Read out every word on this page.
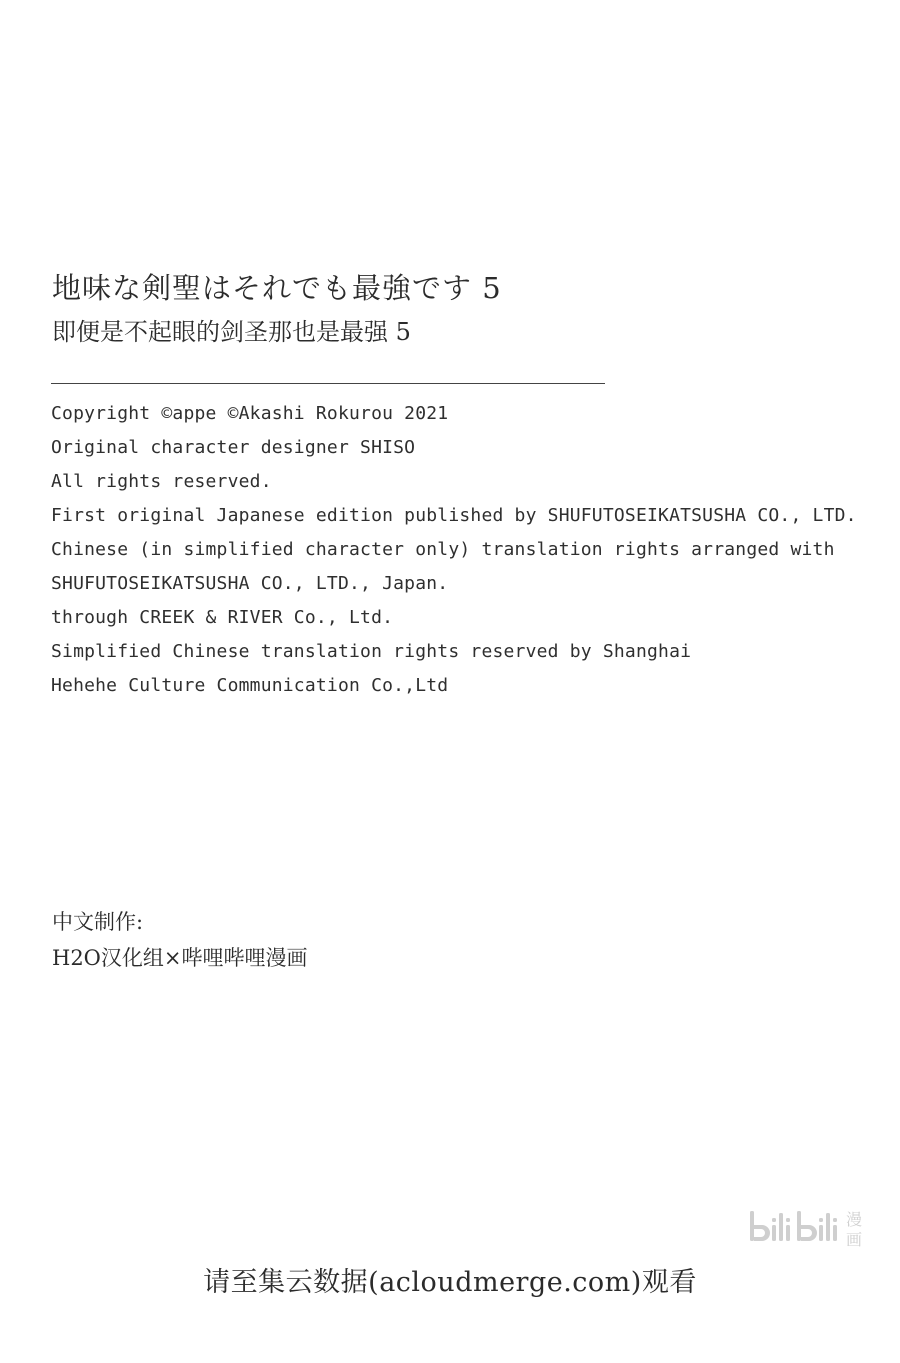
地味な剣聖はそれでも最強です 5
即便是不起眼的剑圣那也是最强 5
Copyright ©appe ©Akashi Rokurou 2021
Original character designer SHISO
All rights reserved.
First original Japanese edition published by SHUFUTOSEIKATSUSHA CO., LTD.
Chinese (in simplified character only) translation rights arranged with
SHUFUTOSEIKATSUSHA CO., LTD., Japan.
through CREEK & RIVER Co., Ltd.
Simplified Chinese translation rights reserved by Shanghai
Hehehe Culture Communication Co.,Ltd
中文制作:
H2O汉化组×哔哩哔哩漫画
漫
画
请至集云数据(acloudmerge.com)观看
